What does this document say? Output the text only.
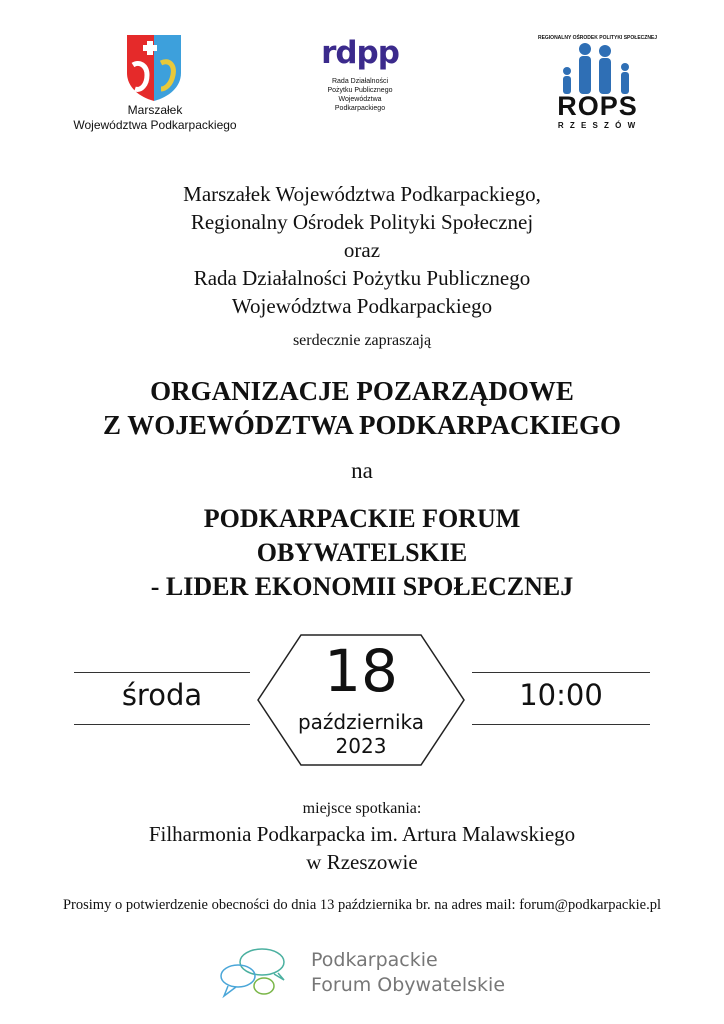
Marszałek
Województwa Podkarpackiego
rdpp
Rada Działalności
Pożytku Publicznego
Województwa
Podkarpackiego
REGIONALNY OŚRODEK POLITYKI SPOŁECZNEJ
ROPS
R Z E S Z Ó W
Marszałek Województwa Podkarpackiego,
Regionalny Ośrodek Polityki Społecznej
oraz
Rada Działalności Pożytku Publicznego
Województwa Podkarpackiego
serdecznie zapraszają
ORGANIZACJE POZARZĄDOWE
Z WOJEWÓDZTWA PODKARPACKIEGO
na
PODKARPACKIE FORUM
OBYWATELSKIE
- LIDER EKONOMII SPOŁECZNEJ
środa	10:00
18
października
2023
miejsce spotkania:
Filharmonia Podkarpacka im. Artura Malawskiego
w Rzeszowie
Prosimy o potwierdzenie obecności do dnia 13 października br. na adres mail: forum@podkarpackie.pl
Podkarpackie
Forum Obywatelskie
